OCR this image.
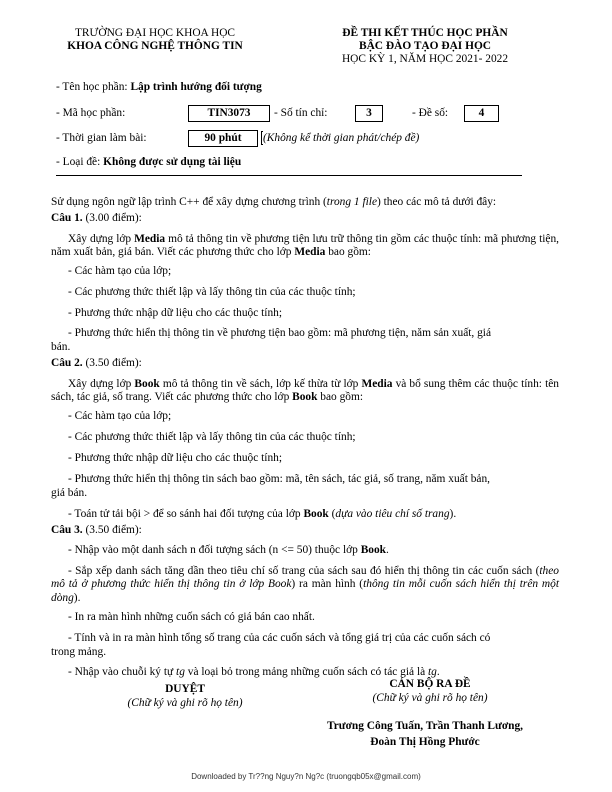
TRƯỜNG ĐẠI HỌC KHOA HỌC
KHOA CÔNG NGHỆ THÔNG TIN
ĐỀ THI KẾT THÚC HỌC PHẦN
BẬC ĐÀO TẠO ĐẠI HỌC
HỌC KỲ 1, NĂM HỌC 2021- 2022
- Tên học phần: Lập trình hướng đối tượng
- Mã học phần:	TIN3073	- Số tín chỉ:	3	- Đề số:	4
- Thời gian làm bài:	90 phút	(Không kể thời gian phát/chép đề)
- Loại đề: Không được sử dụng tài liệu

Sử dụng ngôn ngữ lập trình C++ để xây dựng chương trình (trong 1 file) theo các mô tả dưới đây:

Câu 1. (3.00 điểm):

Xây dựng lớp Media mô tả thông tin về phương tiện lưu trữ thông tin gồm các thuộc tính: mã phương tiện, năm xuất bản, giá bán. Viết các phương thức cho lớp Media bao gồm:

- Các hàm tạo của lớp;

- Các phương thức thiết lập và lấy thông tin của các thuộc tính;

- Phương thức nhập dữ liệu cho các thuộc tính;

- Phương thức hiển thị thông tin về phương tiện bao gồm: mã phương tiện, năm sản xuất, giá

bán.

Câu 2. (3.50 điểm):

Xây dựng lớp Book mô tả thông tin về sách, lớp kế thừa từ lớp Media và bổ sung thêm các thuộc tính: tên sách, tác giả, số trang. Viết các phương thức cho lớp Book bao gồm:

- Các hàm tạo của lớp;

- Các phương thức thiết lập và lấy thông tin của các thuộc tính;

- Phương thức nhập dữ liệu cho các thuộc tính;

- Phương thức hiển thị thông tin sách bao gồm: mã, tên sách, tác giả, số trang, năm xuất bản,

giá bán.

- Toán tử tải bội > để so sánh hai đối tượng của lớp Book (dựa vào tiêu chí số trang).

Câu 3. (3.50 điểm):

- Nhập vào một danh sách n đối tượng sách (n <= 50) thuộc lớp Book.

- Sắp xếp danh sách tăng dần theo tiêu chí số trang của sách sau đó hiển thị thông tin các cuốn sách (theo mô tả ở phương thức hiển thị thông tin ở lớp Book) ra màn hình (thông tin mỗi cuốn sách hiển thị trên một dòng).

- In ra màn hình những cuốn sách có giá bán cao nhất.

- Tính và in ra màn hình tổng số trang của các cuốn sách và tổng giá trị của các cuốn sách có

trong mảng.

- Nhập vào chuỗi ký tự tg và loại bỏ trong mảng những cuốn sách có tác giả là tg.

DUYỆT
(Chữ ký và ghi rõ họ tên)
CÁN BỘ RA ĐỀ
(Chữ ký và ghi rõ họ tên)
Trương Công Tuấn, Trần Thanh Lương,
Đoàn Thị Hồng Phước
Downloaded by Tr??ng Nguy?n Ng?c (truongqb05x@gmail.com)
